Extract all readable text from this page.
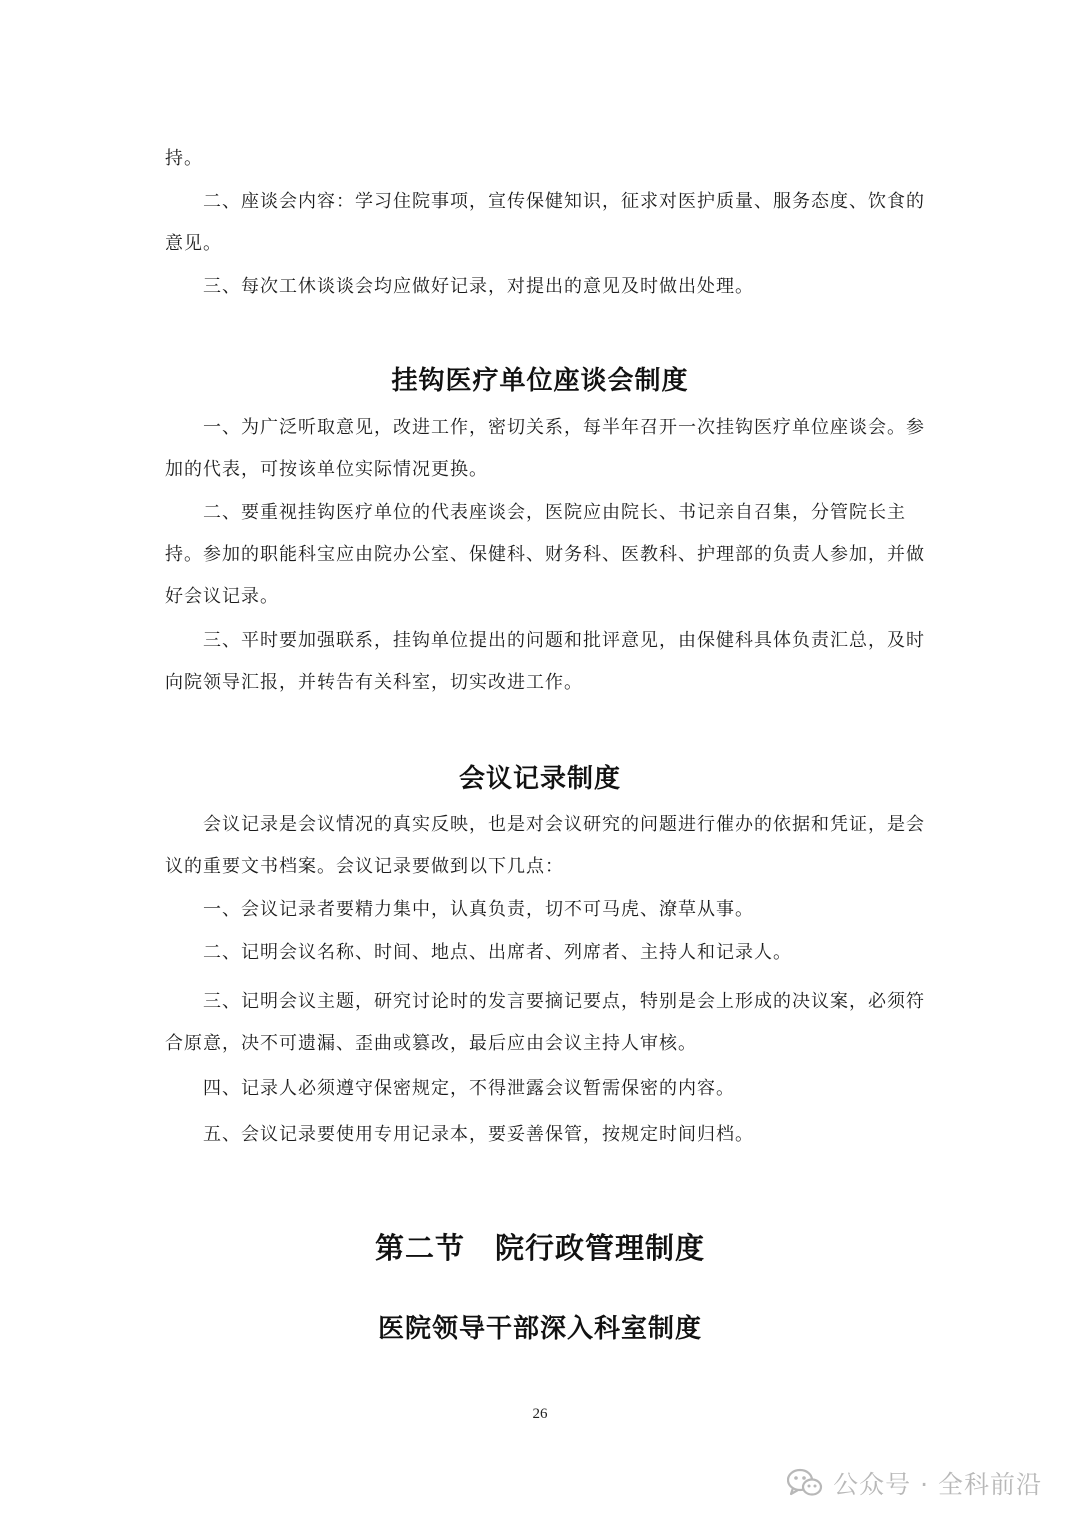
持。

二、座谈会内容：学习住院事项，宣传保健知识，征求对医护质量、服务态度、饮食的意见。

三、每次工休谈谈会均应做好记录，对提出的意见及时做出处理。

挂钩医疗单位座谈会制度

一、为广泛听取意见，改进工作，密切关系，每半年召开一次挂钩医疗单位座谈会。参加的代表，可按该单位实际情况更换。

二、要重视挂钩医疗单位的代表座谈会，医院应由院长、书记亲自召集，分管院长主持。参加的职能科宝应由院办公室、保健科、财务科、医教科、护理部的负责人参加，并做好会议记录。

三、平时要加强联系，挂钩单位提出的问题和批评意见，由保健科具体负责汇总，及时向院领导汇报，并转告有关科室，切实改进工作。

会议记录制度

会议记录是会议情况的真实反映，也是对会议研究的问题进行催办的依据和凭证，是会议的重要文书档案。会议记录要做到以下几点：

一、会议记录者要精力集中，认真负责，切不可马虎、潦草从事。

二、记明会议名称、时间、地点、出席者、列席者、主持人和记录人。

三、记明会议主题，研究讨论时的发言要摘记要点，特别是会上形成的决议案，必须符合原意，决不可遗漏、歪曲或篡改，最后应由会议主持人审核。

四、记录人必须遵守保密规定，不得泄露会议暂需保密的内容。

五、会议记录要使用专用记录本，要妥善保管，按规定时间归档。

第二节　院行政管理制度
医院领导干部深入科室制度
26
公众号 · 全科前沿
